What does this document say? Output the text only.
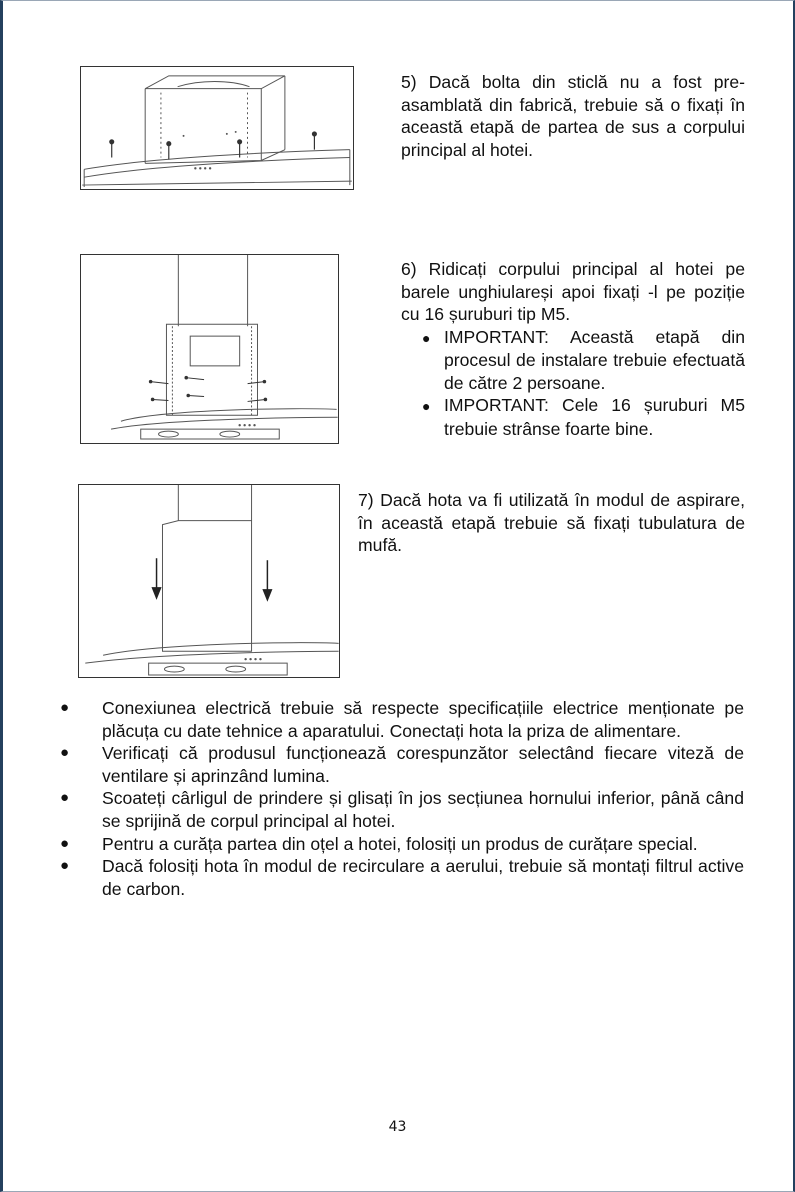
5) Dacă bolta din sticlă nu a fost pre-asamblată din fabrică, trebuie să o fixați în această etapă de partea de sus a corpului principal al hotei.

6) Ridicați corpului principal al hotei pe barele unghiulareși apoi fixați -l pe poziție cu 16 șuruburi tip M5.

● IMPORTANT: Această etapă din procesul de instalare trebuie efectuată de către 2 persoane.

● IMPORTANT: Cele 16 șuruburi M5 trebuie strânse foarte bine.

7) Dacă hota va fi utilizată în modul de aspirare, în această etapă trebuie să fixați tubulatura de mufă.

● Conexiunea electrică trebuie să respecte specificațiile electrice menționate pe plăcuța cu date tehnice a aparatului. Conectați hota la priza de alimentare.
● Verificați că produsul funcționează corespunzător selectând fiecare viteză de ventilare și aprinzând lumina.
● Scoateți cârligul de prindere și glisați în jos secțiunea hornului inferior, până când se sprijină de corpul principal al hotei.
● Pentru a curăța partea din oțel a hotei, folosiți un produs de curățare special.
● Dacă folosiți hota în modul de recirculare a aerului, trebuie să montați filtrul active de carbon.
43
